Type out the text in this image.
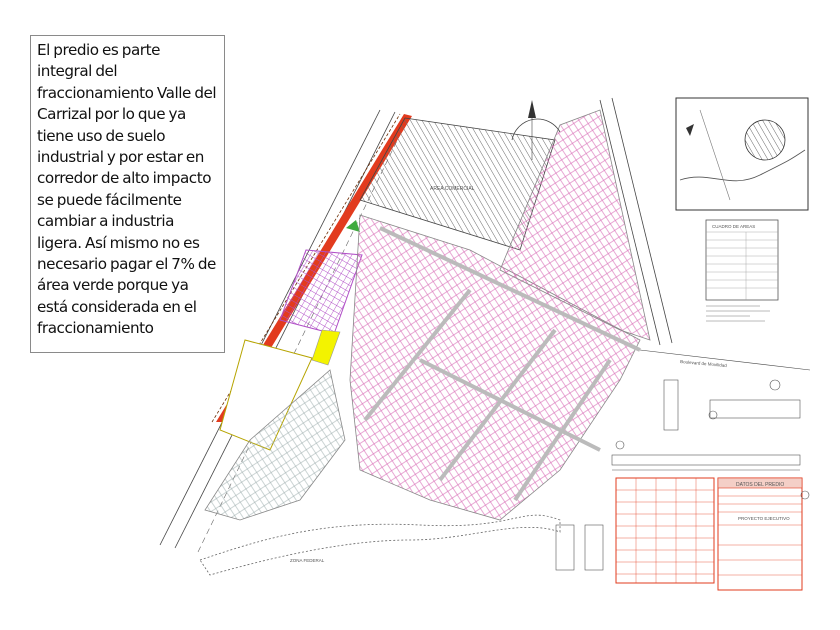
AREA COMERCIAL
ZONA FEDERAL
Boulevard de Movilidad
CUADRO DE AREAS
DATOS DEL PREDIO
PROYECTO EJECUTIVO
El predio es parte integral del fraccionamiento Valle del Carrizal por lo que ya tiene uso de suelo industrial y por estar en corredor de alto impacto se puede fácilmente cambiar a industria ligera. Así mismo no es necesario pagar el 7% de área verde porque ya está considerada en el fraccionamiento
